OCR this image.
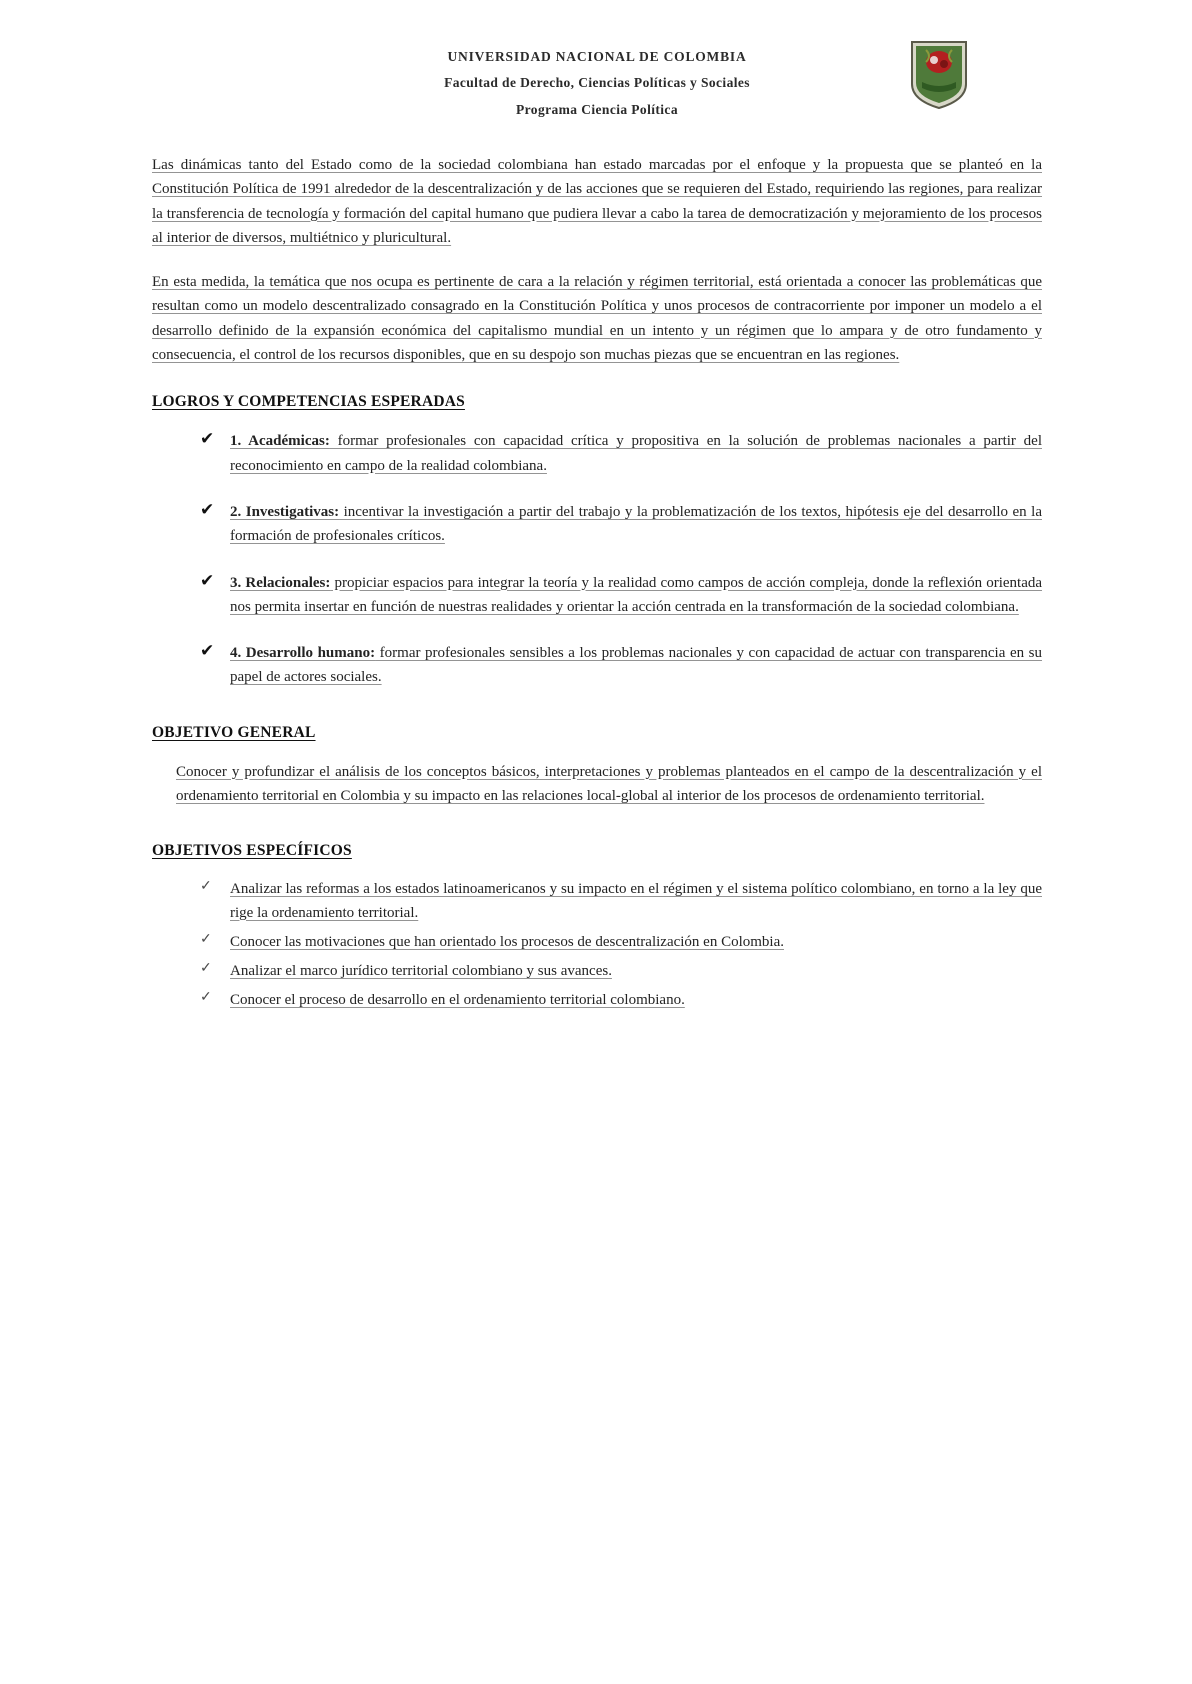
UNIVERSIDAD NACIONAL DE COLOMBIA
Facultad de Derecho, Ciencias Políticas y Sociales
Programa Ciencia Política

Las dinámicas tanto del Estado como de la sociedad colombiana han estado marcadas por el enfoque y la propuesta que se planteó en la Constitución Política de 1991 alrededor de la descentralización y de las acciones que se requieren del Estado, requiriendo las regiones, para realizar la transferencia de tecnología y formación del capital humano que pudiera llevar a cabo la tarea de democratización y mejoramiento de los procesos al interior de diversos, multiétnico y pluricultural.

En esta medida, la temática que nos ocupa es pertinente de cara a la relación y régimen territorial, está orientada a conocer las problemáticas que resultan como un modelo descentralizado consagrado en la Constitución Política y unos procesos de contracorriente por imponer un modelo a el desarrollo definido de la expansión económica del capitalismo mundial en un intento y un régimen que lo ampara y de otro fundamento y consecuencia, el control de los recursos disponibles, que en su despojo son muchas piezas que se encuentran en las regiones.

LOGROS Y COMPETENCIAS ESPERADAS
✔	1. Académicas: formar profesionales con capacidad crítica y propositiva en la solución de problemas nacionales a partir del reconocimiento en campo de la realidad colombiana.
✔	2. Investigativas: incentivar la investigación a partir del trabajo y la problematización de los textos, hipótesis eje del desarrollo en la formación de profesionales críticos.
✔	3. Relacionales: propiciar espacios para integrar la teoría y la realidad como campos de acción compleja, donde la reflexión orientada nos permita insertar en función de nuestras realidades y orientar la acción centrada en la transformación de la sociedad colombiana.
✔	4. Desarrollo humano: formar profesionales sensibles a los problemas nacionales y con capacidad de actuar con transparencia en su papel de actores sociales.
OBJETIVO GENERAL

Conocer y profundizar el análisis de los conceptos básicos, interpretaciones y problemas planteados en el campo de la descentralización y el ordenamiento territorial en Colombia y su impacto en las relaciones local-global al interior de los procesos de ordenamiento territorial.

OBJETIVOS ESPECÍFICOS
✓	Analizar las reformas a los estados latinoamericanos y su impacto en el régimen y el sistema político colombiano, en torno a la ley que rige la ordenamiento territorial.
✓	Conocer las motivaciones que han orientado los procesos de descentralización en Colombia.
✓	Analizar el marco jurídico territorial colombiano y sus avances.
✓	Conocer el proceso de desarrollo en el ordenamiento territorial colombiano.
